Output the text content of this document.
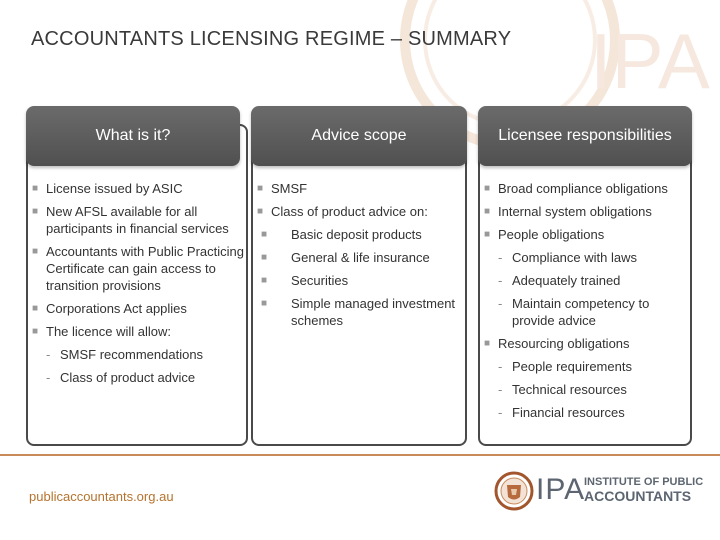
IPA
ACCOUNTANTS LICENSING REGIME – SUMMARY
What is it?
■ License issued by ASIC
■ New AFSL available for all participants in financial services
■ Accountants with Public Practicing Certificate can gain access to transition provisions
■ Corporations Act applies
■ The licence will allow:
- SMSF recommendations
- Class of product advice
Advice scope
■ SMSF
■ Class of product advice on:
■ Basic deposit products
■ General & life insurance
■ Securities
■ Simple managed investment schemes
Licensee responsibilities
■ Broad compliance obligations
■ Internal system obligations
■ People obligations
- Compliance with laws
- Adequately trained
- Maintain competency to provide advice
■ Resourcing obligations
- People requirements
- Technical resources
- Financial resources
publicaccountants.org.au	IPA
INSTITUTE OF PUBLIC
ACCOUNTANTS
